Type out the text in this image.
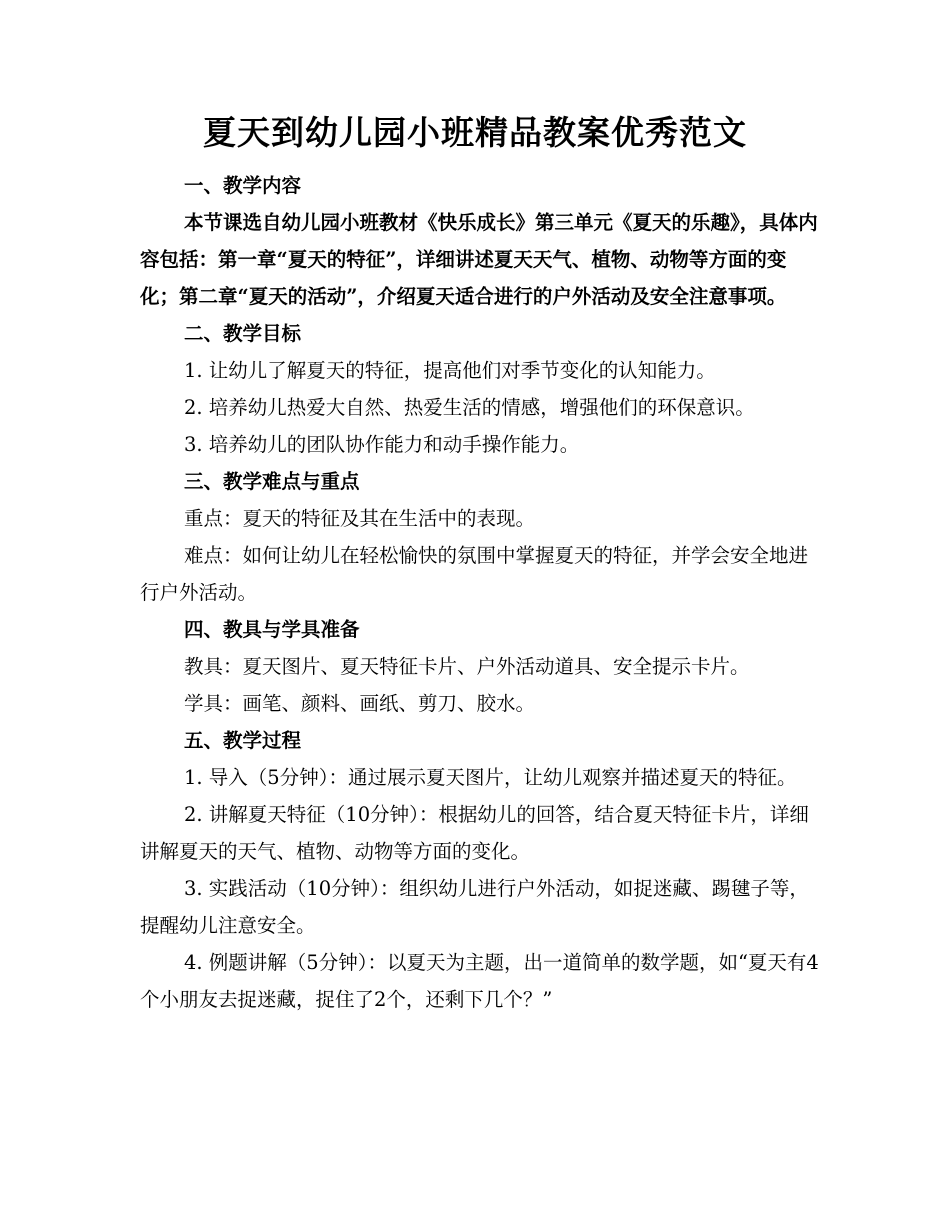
夏天到幼儿园小班精品教案优秀范文

一、教学内容

本节课选自幼儿园小班教材《快乐成长》第三单元《夏天的乐趣》，具体内容包括：第一章“夏天的特征”，详细讲述夏天天气、植物、动物等方面的变化；第二章“夏天的活动”，介绍夏天适合进行的户外活动及安全注意事项。

二、教学目标

1. 让幼儿了解夏天的特征，提高他们对季节变化的认知能力。

2. 培养幼儿热爱大自然、热爱生活的情感，增强他们的环保意识。

3. 培养幼儿的团队协作能力和动手操作能力。

三、教学难点与重点

重点：夏天的特征及其在生活中的表现。

难点：如何让幼儿在轻松愉快的氛围中掌握夏天的特征，并学会安全地进行户外活动。

四、教具与学具准备

教具：夏天图片、夏天特征卡片、户外活动道具、安全提示卡片。

学具：画笔、颜料、画纸、剪刀、胶水。

五、教学过程

1. 导入（5分钟）：通过展示夏天图片，让幼儿观察并描述夏天的特征。

2. 讲解夏天特征（10分钟）：根据幼儿的回答，结合夏天特征卡片，详细讲解夏天的天气、植物、动物等方面的变化。

3. 实践活动（10分钟）：组织幼儿进行户外活动，如捉迷藏、踢毽子等，提醒幼儿注意安全。

4. 例题讲解（5分钟）：以夏天为主题，出一道简单的数学题，如“夏天有4个小朋友去捉迷藏，捉住了2个，还剩下几个？”
